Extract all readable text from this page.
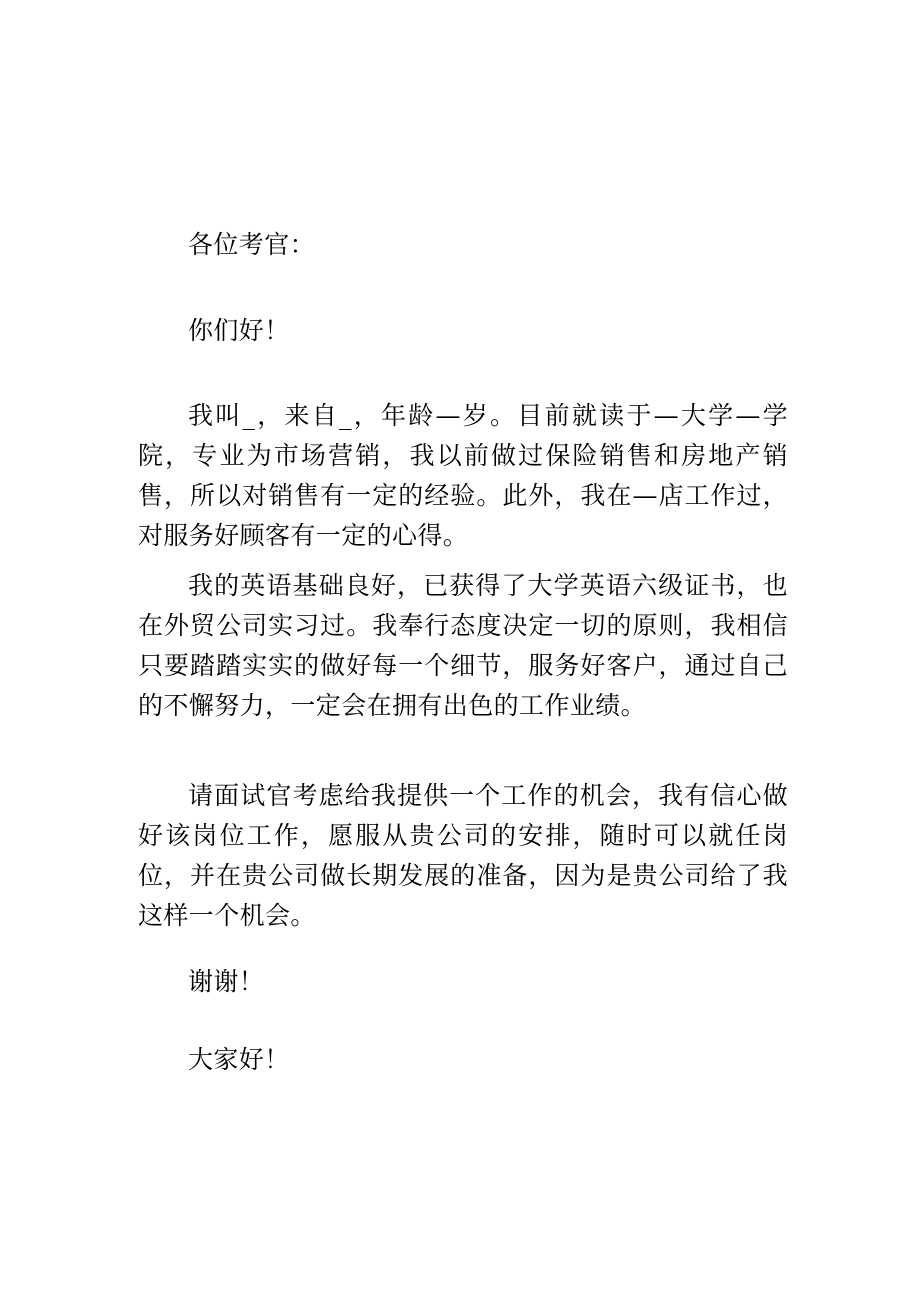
各位考官：

你们好！

我叫_，来自_，年龄—岁。目前就读于—大学—学院，专业为市场营销，我以前做过保险销售和房地产销售，所以对销售有一定的经验。此外，我在—店工作过，对服务好顾客有一定的心得。

我的英语基础良好，已获得了大学英语六级证书，也在外贸公司实习过。我奉行态度决定一切的原则，我相信只要踏踏实实的做好每一个细节，服务好客户，通过自己的不懈努力，一定会在拥有出色的工作业绩。

请面试官考虑给我提供一个工作的机会，我有信心做好该岗位工作，愿服从贵公司的安排，随时可以就任岗位，并在贵公司做长期发展的准备，因为是贵公司给了我这样一个机会。

谢谢！

大家好！
